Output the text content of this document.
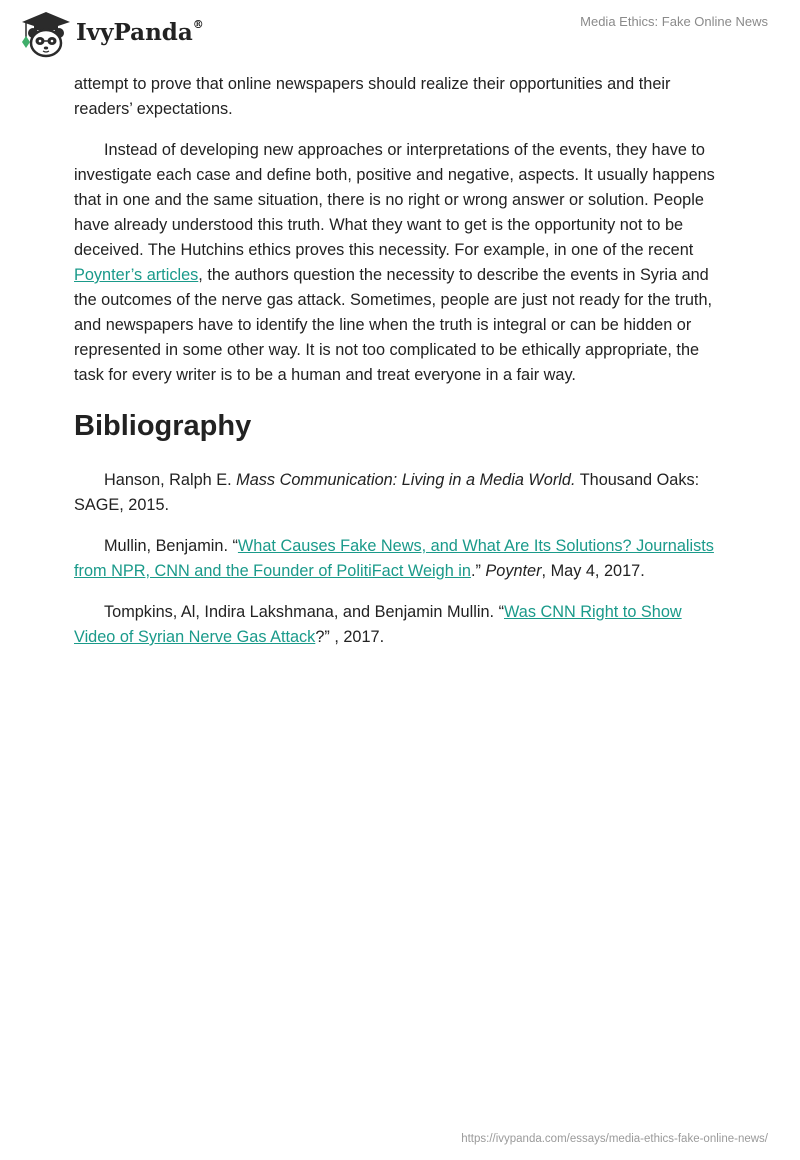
IvyPanda®	Media Ethics: Fake Online News

attempt to prove that online newspapers should realize their opportunities and their readers’ expectations.

Instead of developing new approaches or interpretations of the events, they have to investigate each case and define both, positive and negative, aspects. It usually happens that in one and the same situation, there is no right or wrong answer or solution. People have already understood this truth. What they want to get is the opportunity not to be deceived. The Hutchins ethics proves this necessity. For example, in one of the recent Poynter’s articles, the authors question the necessity to describe the events in Syria and the outcomes of the nerve gas attack. Sometimes, people are just not ready for the truth, and newspapers have to identify the line when the truth is integral or can be hidden or represented in some other way. It is not too complicated to be ethically appropriate, the task for every writer is to be a human and treat everyone in a fair way.

Bibliography

Hanson, Ralph E. Mass Communication: Living in a Media World. Thousand Oaks: SAGE, 2015.

Mullin, Benjamin. “What Causes Fake News, and What Are Its Solutions? Journalists from NPR, CNN and the Founder of PolitiFact Weigh in.” Poynter, May 4, 2017.

Tompkins, Al, Indira Lakshmana, and Benjamin Mullin. “Was CNN Right to Show Video of Syrian Nerve Gas Attack?” , 2017.

https://ivypanda.com/essays/media-ethics-fake-online-news/
